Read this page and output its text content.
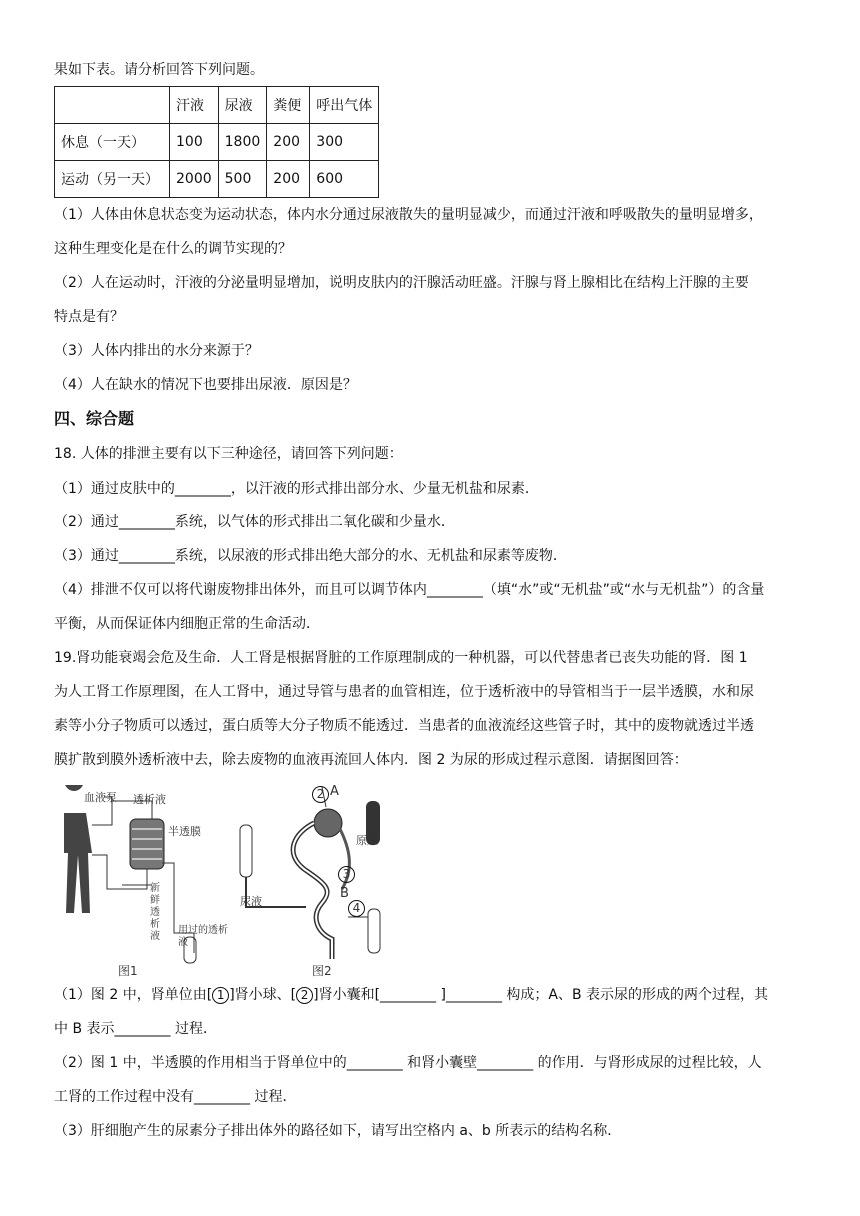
果如下表。请分析回答下列问题。
	汗液	尿液	粪便	呼出气体
休息（一天）	100	1800	200	300
运动（另一天）	2000	500	200	600
（1）人体由休息状态变为运动状态，体内水分通过尿液散失的量明显减少，而通过汗液和呼吸散失的量明显增多，
这种生理变化是在什么的调节实现的？
（2）人在运动时，汗液的分泌量明显增加，说明皮肤内的汗腺活动旺盛。汗腺与肾上腺相比在结构上汗腺的主要
特点是有？
（3）人体内排出的水分来源于？
（4）人在缺水的情况下也要排出尿液．原因是？
四、综合题
18. 人体的排泄主要有以下三种途径，请回答下列问题：
（1）通过皮肤中的________，以汗液的形式排出部分水、少量无机盐和尿素．
（2）通过________系统，以气体的形式排出二氧化碳和少量水．
（3）通过________系统，以尿液的形式排出绝大部分的水、无机盐和尿素等废物．
（4）排泄不仅可以将代谢废物排出体外，而且可以调节体内________（填“水”或“无机盐”或“水与无机盐”）的含量
平衡，从而保证体内细胞正常的生命活动．
19.肾功能衰竭会危及生命．人工肾是根据肾脏的工作原理制成的一种机器，可以代替患者已丧失功能的肾．图 1
为人工肾工作原理图，在人工肾中，通过导管与患者的血管相连，位于透析液中的导管相当于一层半透膜，水和尿
素等小分子物质可以透过，蛋白质等大分子物质不能透过．当患者的血液流经这些管子时，其中的废物就透过半透
膜扩散到膜外透析液中去，除去废物的血液再流回人体内．图 2 为尿的形成过程示意图．请据图回答：
血液泵 透析液
半透膜
新鲜透析液
用过的透析液
图1
2 A
原尿
3
B
4
尿液
图2
（1）图 2 中，肾单位由[ 1 ]肾小球、[ 2 ]肾小囊和[________ ]________ 构成；A、B 表示尿的形成的两个过程，其
中 B 表示________ 过程．
（2）图 1 中，半透膜的作用相当于肾单位中的________ 和肾小囊壁________ 的作用．与肾形成尿的过程比较，人
工肾的工作过程中没有________ 过程．
（3）肝细胞产生的尿素分子排出体外的路径如下，请写出空格内 a、b 所表示的结构名称．
